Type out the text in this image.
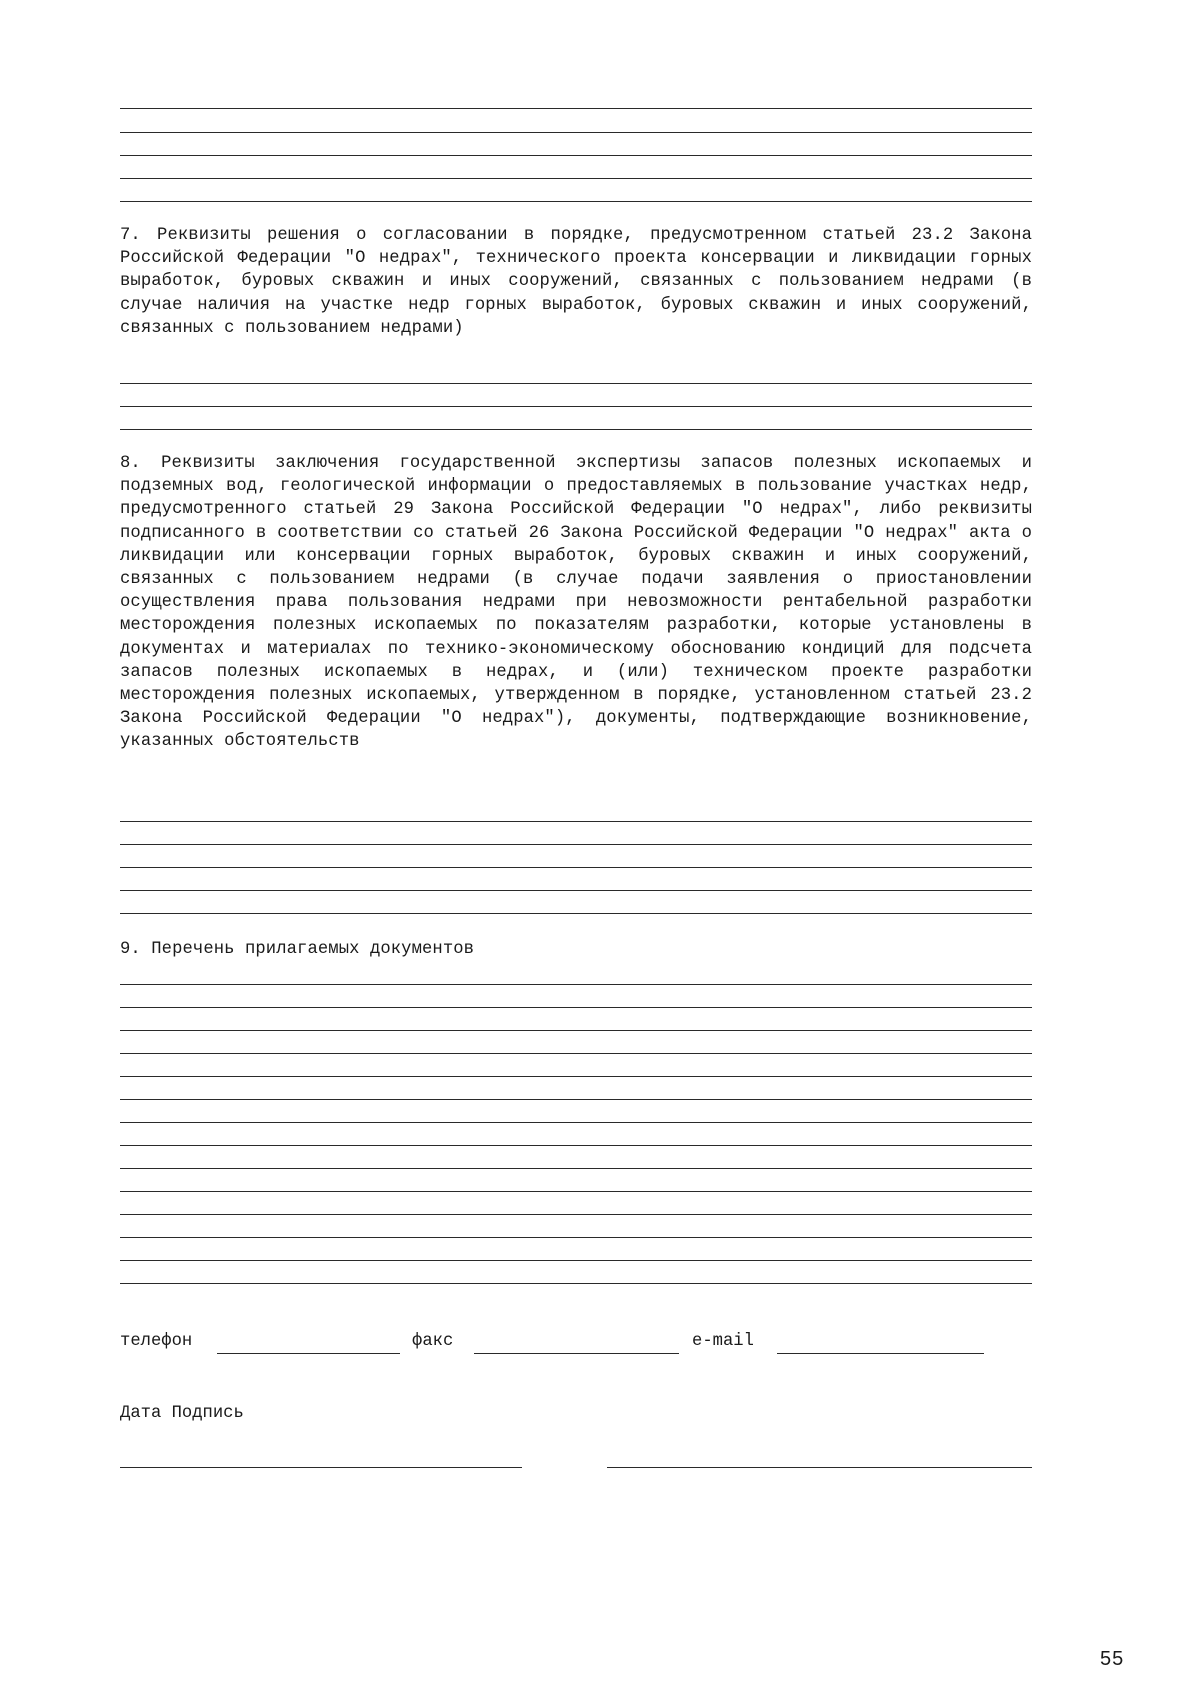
7. Реквизиты решения о согласовании в порядке, предусмотренном статьей 23.2 Закона Российской Федерации "О недрах", технического проекта консервации и ликвидации горных выработок, буровых скважин и иных сооружений, связанных с пользованием недрами (в случае наличия на участке недр горных выработок, буровых скважин и иных сооружений, связанных с пользованием недрами)
8. Реквизиты заключения государственной экспертизы запасов полезных ископаемых и подземных вод, геологической информации о предоставляемых в пользование участках недр, предусмотренного статьей 29 Закона Российской Федерации "О недрах", либо реквизиты подписанного в соответствии со статьей 26 Закона Российской Федерации "О недрах" акта о ликвидации или консервации горных выработок, буровых скважин и иных сооружений, связанных с пользованием недрами (в случае подачи заявления о приостановлении осуществления права пользования недрами при невозможности рентабельной разработки месторождения полезных ископаемых по показателям разработки, которые установлены в документах и материалах по технико-экономическому обоснованию кондиций для подсчета запасов полезных ископаемых в недрах, и (или) техническом проекте разработки месторождения полезных ископаемых, утвержденном в порядке, установленном статьей 23.2 Закона Российской Федерации "О недрах"), документы, подтверждающие возникновение, указанных обстоятельств
9. Перечень прилагаемых документов
телефон	факс	e-mail
Дата Подпись
55
